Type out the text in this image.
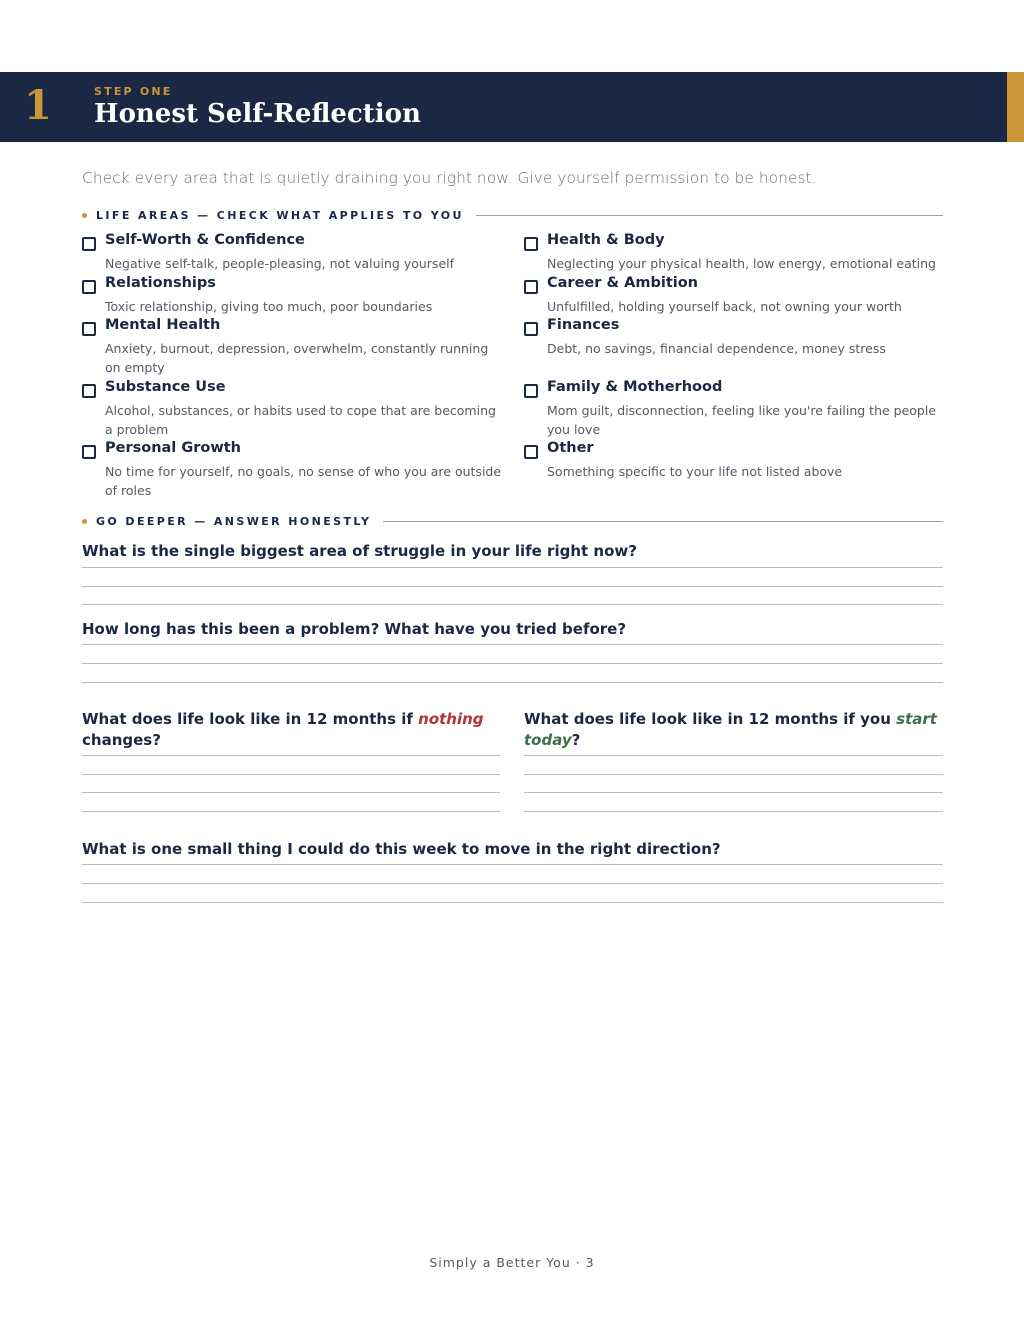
1	STEP ONE
Honest Self-Reflection
Check every area that is quietly draining you right now. Give yourself permission to be honest.
LIFE AREAS — CHECK WHAT APPLIES TO YOU
Self-Worth & Confidence
Negative self-talk, people-pleasing, not valuing yourself
Relationships
Toxic relationship, giving too much, poor boundaries
Mental Health
Anxiety, burnout, depression, overwhelm, constantly running on empty
Substance Use
Alcohol, substances, or habits used to cope that are becoming a problem
Personal Growth
No time for yourself, no goals, no sense of who you are outside of roles
Health & Body
Neglecting your physical health, low energy, emotional eating
Career & Ambition
Unfulfilled, holding yourself back, not owning your worth
Finances
Debt, no savings, financial dependence, money stress
Family & Motherhood
Mom guilt, disconnection, feeling like you're failing the people you love
Other
Something specific to your life not listed above
GO DEEPER — ANSWER HONESTLY
What is the single biggest area of struggle in your life right now?
How long has this been a problem? What have you tried before?
What does life look like in 12 months if nothing changes?
What does life look like in 12 months if you start today?
What is one small thing I could do this week to move in the right direction?
Simply a Better You · 3
